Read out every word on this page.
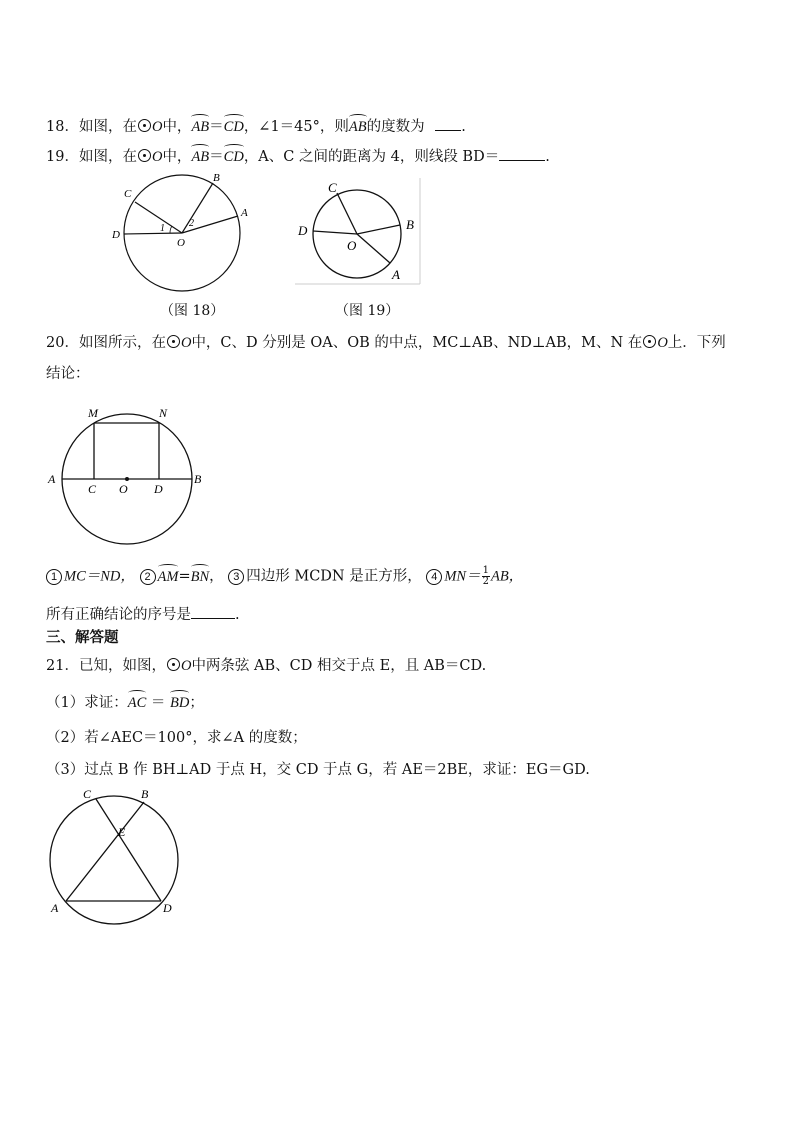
18．如图，在 O中，AB＝CD，∠1＝45°，则AB的度数为	.
19．如图，在 O中，AB＝CD，A、C 之间的距离为 4，则线段 BD＝	.
C
D
B
A
O
1 2
（图 18）
C
D	B
A
O
（图 19）
20．如图所示，在 O中，C、D 分别是 OA、OB 的中点，MC⊥AB、ND⊥AB，M、N 在 O上．下列
结论：
A	B
C O D
M	N
1 MC＝ND， 2 AM=BN， 3 四边形 MCDN 是正方形， 4 $MN= \frac{1}{2}$ AB，
所有正确结论的序号是	.
三、解答题
21．已知，如图， O中两条弦 AB、CD 相交于点 E，且 AB＝CD.
（1）求证：AC ＝ BD；
（2）若∠AEC＝100°，求∠A 的度数；
（3）过点 B 作 BH⊥AD 于点 H，交 CD 于点 G，若 AE＝2BE，求证：EG＝GD.
C	B
E
A	D
